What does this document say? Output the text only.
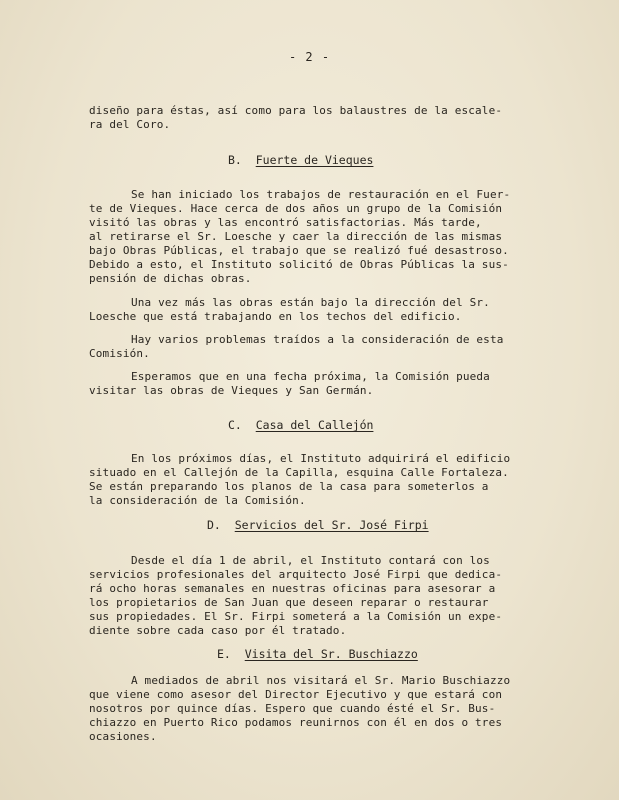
- 2 -
diseño para éstas, así como para los balaustres de la escale-
ra del Coro.
B. Fuerte de Vieques
Se han iniciado los trabajos de restauración en el Fuer-
te de Vieques. Hace cerca de dos años un grupo de la Comisión
visitó las obras y las encontró satisfactorias. Más tarde,
al retirarse el Sr. Loesche y caer la dirección de las mismas
bajo Obras Públicas, el trabajo que se realizó fué desastroso.
Debido a esto, el Instituto solicitó de Obras Públicas la sus-
pensión de dichas obras.
Una vez más las obras están bajo la dirección del Sr.
Loesche que está trabajando en los techos del edificio.
Hay varios problemas traídos a la consideración de esta
Comisión.
Esperamos que en una fecha próxima, la Comisión pueda
visitar las obras de Vieques y San Germán.
C. Casa del Callejón
En los próximos días, el Instituto adquirirá el edificio
situado en el Callejón de la Capilla, esquina Calle Fortaleza.
Se están preparando los planos de la casa para someterlos a
la consideración de la Comisión.
D. Servicios del Sr. José Firpi
Desde el día 1 de abril, el Instituto contará con los
servicios profesionales del arquitecto José Firpi que dedica-
rá ocho horas semanales en nuestras oficinas para asesorar a
los propietarios de San Juan que deseen reparar o restaurar
sus propiedades. El Sr. Firpi someterá a la Comisión un expe-
diente sobre cada caso por él tratado.
E. Visita del Sr. Buschiazzo
A mediados de abril nos visitará el Sr. Mario Buschiazzo
que viene como asesor del Director Ejecutivo y que estará con
nosotros por quince días. Espero que cuando ésté el Sr. Bus-
chiazzo en Puerto Rico podamos reunirnos con él en dos o tres
ocasiones.
